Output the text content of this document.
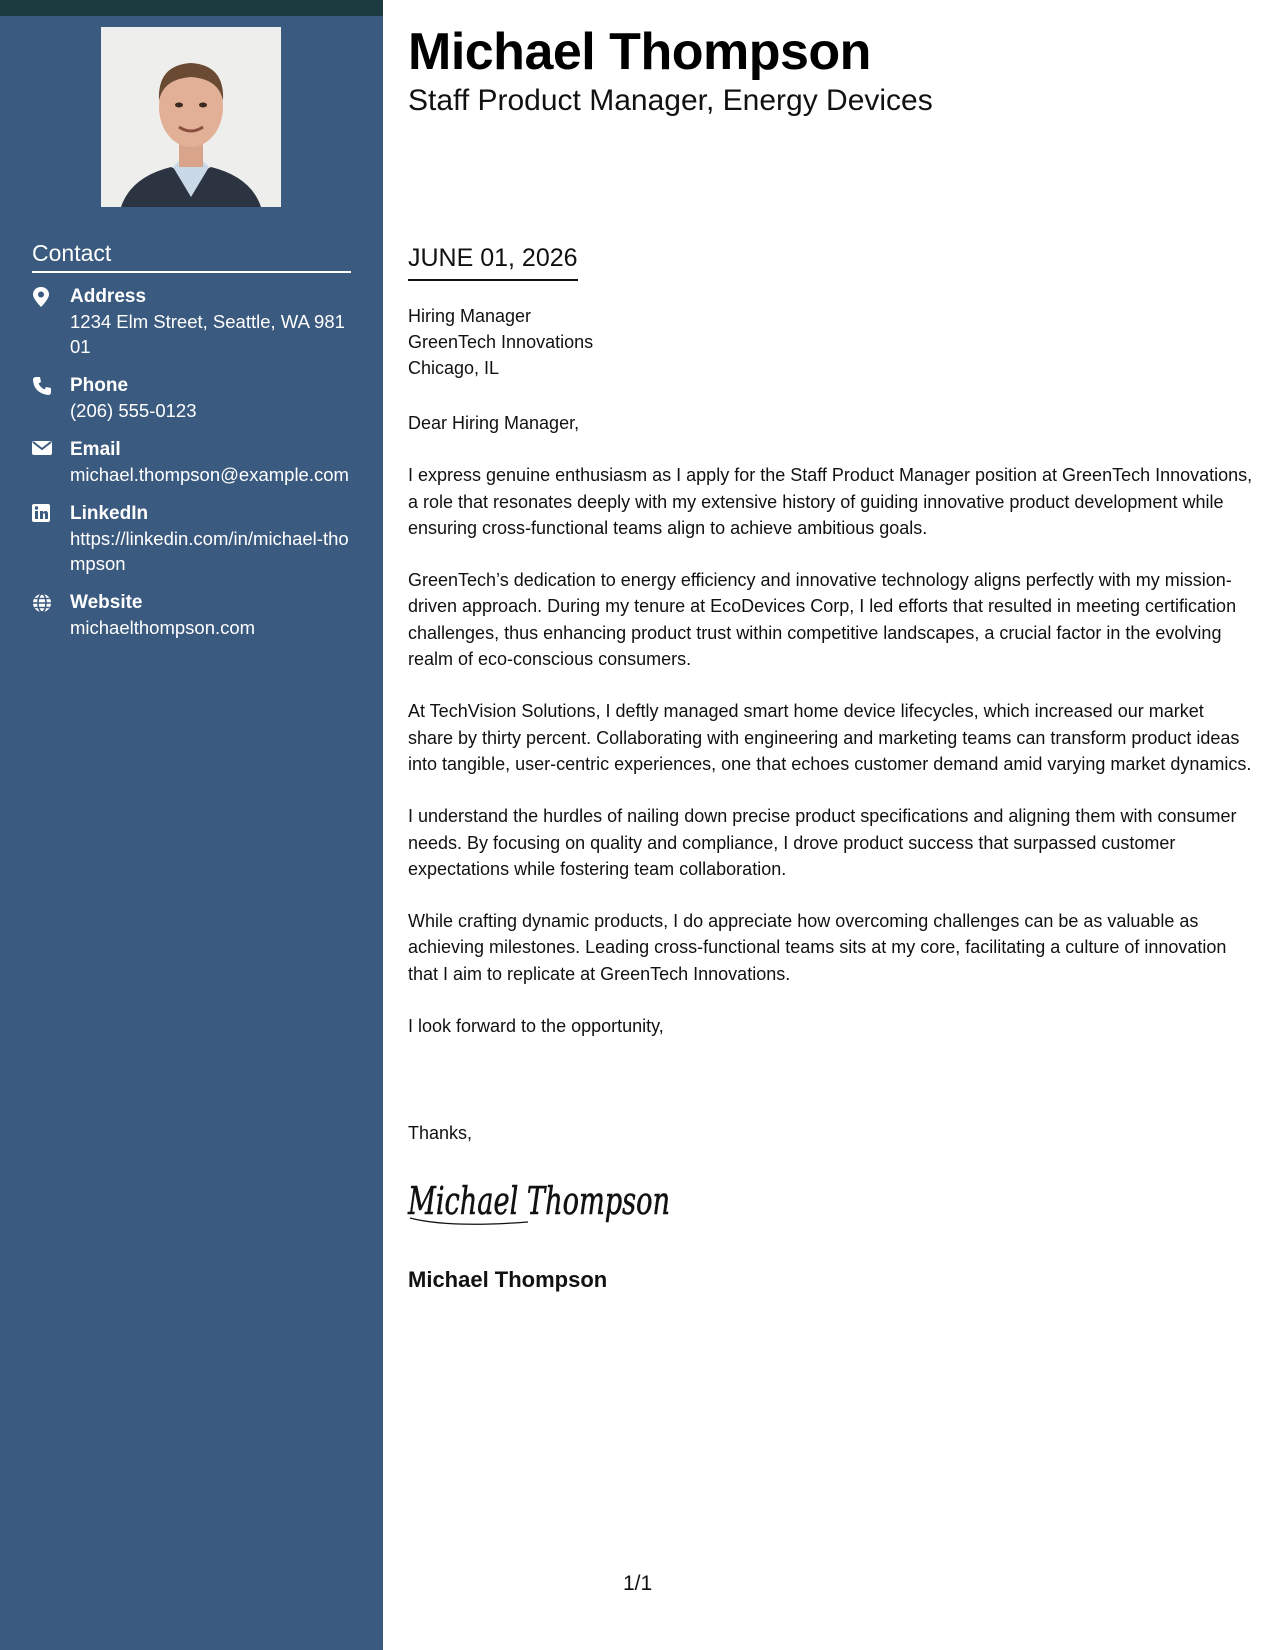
Contact
Address
1234 Elm Street, Seattle, WA 98101
Phone
(206) 555-0123
Email
michael.thompson@example.com
LinkedIn
https://linkedin.com/in/michael-thompson
Website
michaelthompson.com
Michael Thompson
Staff Product Manager, Energy Devices
JUNE 01, 2026
Hiring Manager
GreenTech Innovations
Chicago, IL

Dear Hiring Manager,

I express genuine enthusiasm as I apply for the Staff Product Manager position at GreenTech Innovations, a role that resonates deeply with my extensive history of guiding innovative product development while ensuring cross-functional teams align to achieve ambitious goals.

GreenTech’s dedication to energy efficiency and innovative technology aligns perfectly with my mission-driven approach. During my tenure at EcoDevices Corp, I led efforts that resulted in meeting certification challenges, thus enhancing product trust within competitive landscapes, a crucial factor in the evolving realm of eco-conscious consumers.

At TechVision Solutions, I deftly managed smart home device lifecycles, which increased our market share by thirty percent. Collaborating with engineering and marketing teams can transform product ideas into tangible, user-centric experiences, one that echoes customer demand amid varying market dynamics.

I understand the hurdles of nailing down precise product specifications and aligning them with consumer needs. By focusing on quality and compliance, I drove product success that surpassed customer expectations while fostering team collaboration.

While crafting dynamic products, I do appreciate how overcoming challenges can be as valuable as achieving milestones. Leading cross-functional teams sits at my core, facilitating a culture of innovation that I aim to replicate at GreenTech Innovations.

I look forward to the opportunity,

Thanks,
Michael Thompson
Michael Thompson
1/1
